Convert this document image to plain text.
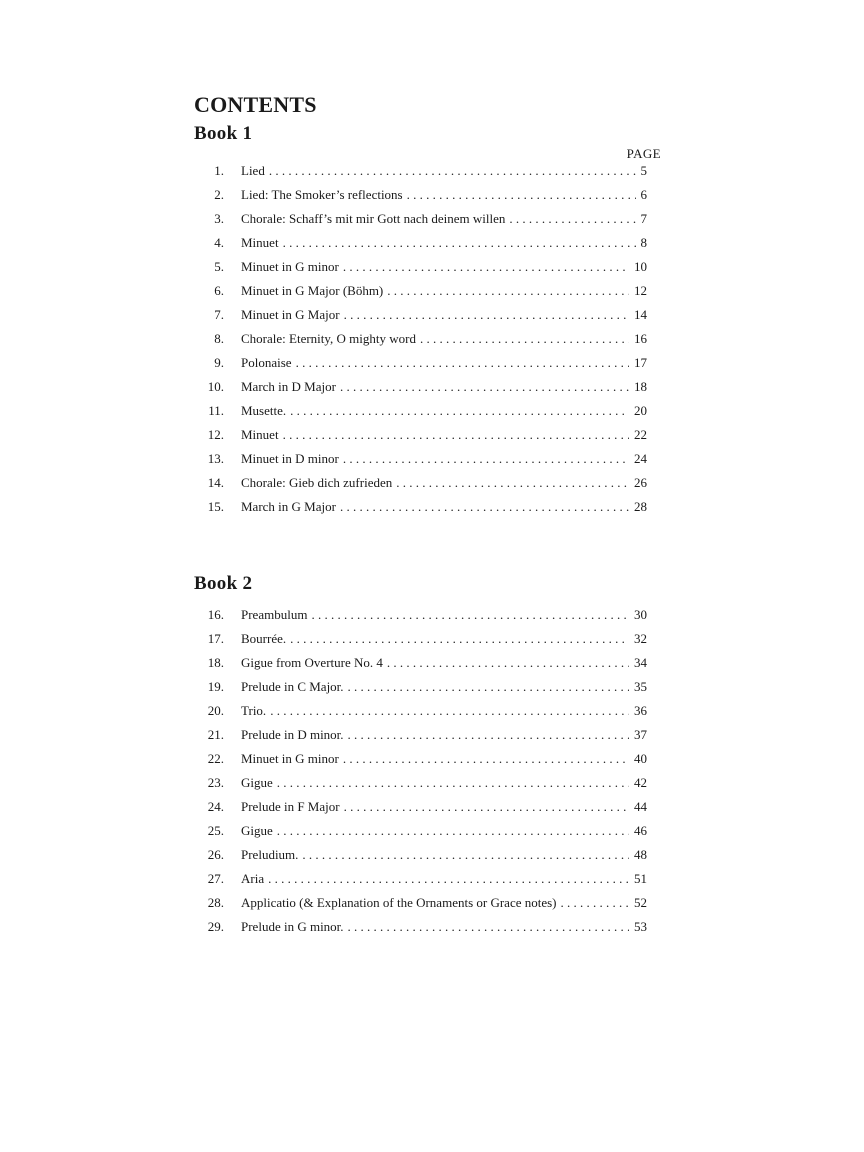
CONTENTS
Book 1
PAGE
1. Lied . . .	5
2. Lied: The Smoker’s reflections . . .	6
3. Chorale: Schaff’s mit mir Gott nach deinem willen . . .	7
4. Minuet . . .	8
5. Minuet in G minor . . .	10
6. Minuet in G Major (Böhm) . . .	12
7. Minuet in G Major . . .	14
8. Chorale: Eternity, O mighty word . . .	16
9. Polonaise . . .	17
10. March in D Major . . .	18
11. Musette. . . .	20
12. Minuet . . .	22
13. Minuet in D minor . . .	24
14. Chorale: Gieb dich zufrieden . . .	26
15. March in G Major . . .	28
Book 2
16. Preambulum . . .	30
17. Bourrée. . . .	32
18. Gigue from Overture No. 4 . . .	34
19. Prelude in C Major. . . .	35
20. Trio. . . .	36
21. Prelude in D minor. . . .	37
22. Minuet in G minor . . .	40
23. Gigue . . .	42
24. Prelude in F Major . . .	44
25. Gigue . . .	46
26. Preludium. . . .	48
27. Aria . . .	51
28. Applicatio (& Explanation of the Ornaments or Grace notes) . . .	52
29. Prelude in G minor. . . .	53
